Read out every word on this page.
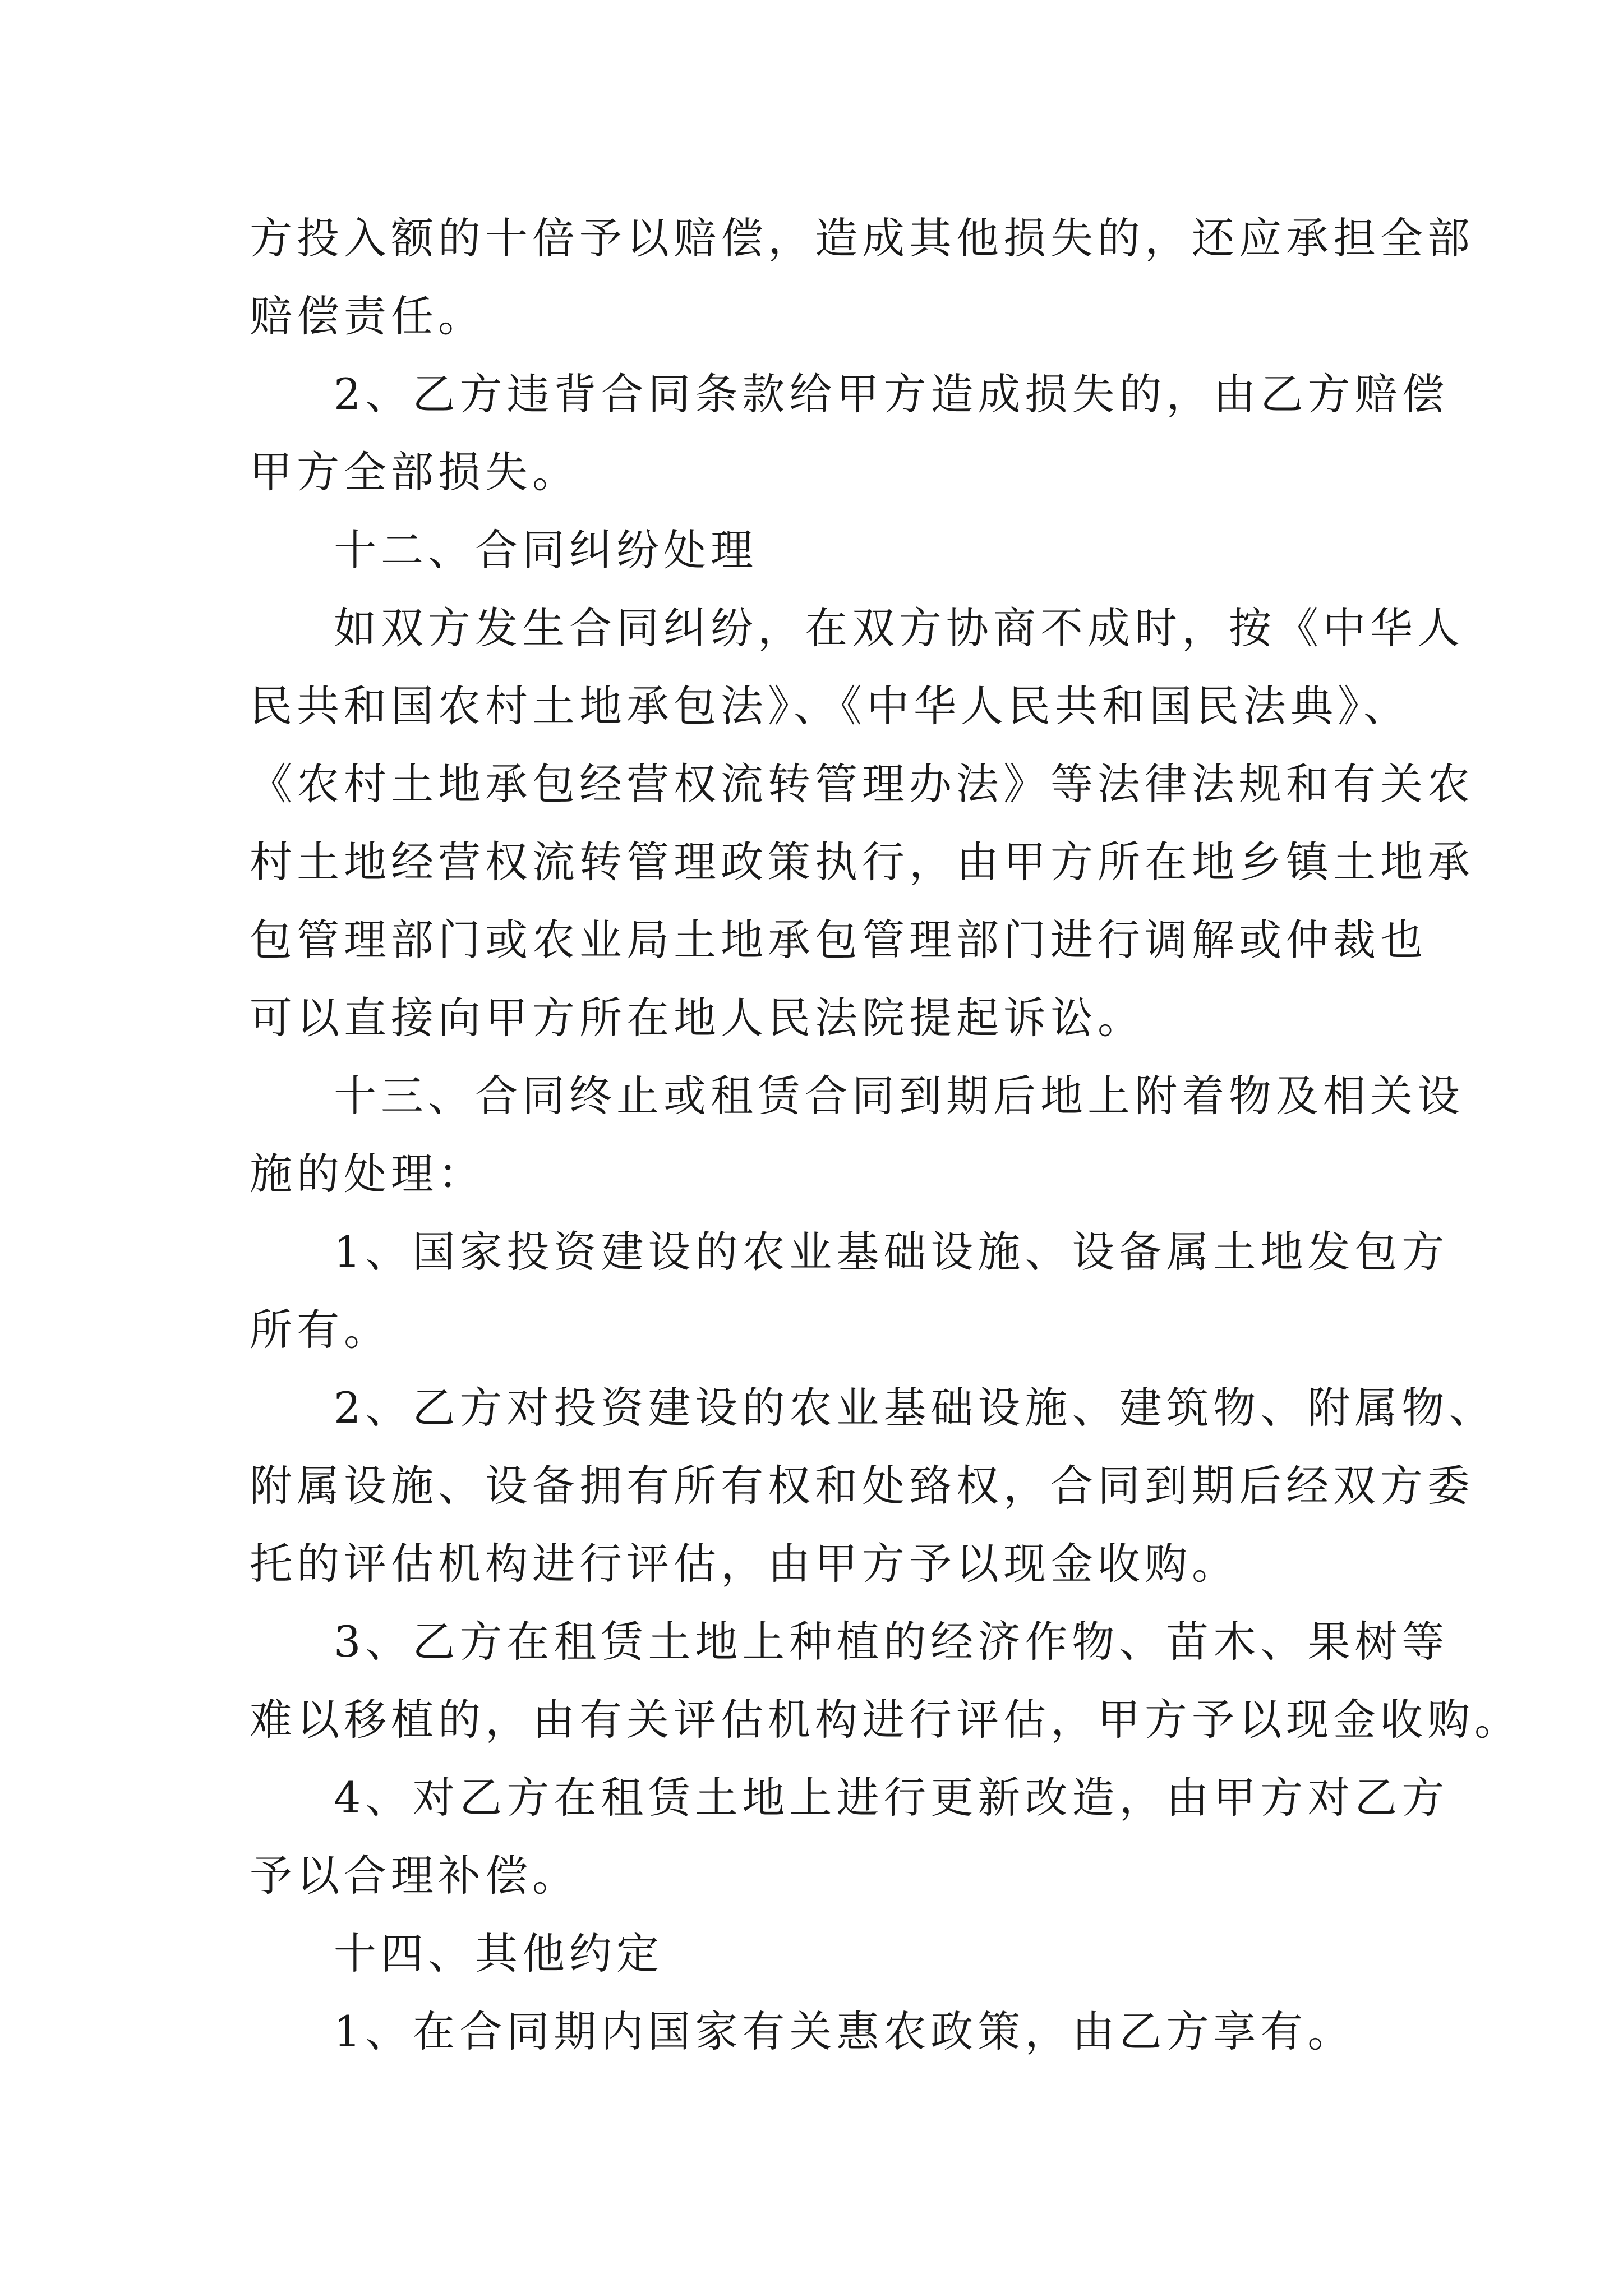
方投入额的十倍予以赔偿，造成其他损失的，还应承担全部
赔偿责任。
2、乙方违背合同条款给甲方造成损失的，由乙方赔偿
甲方全部损失。
十二、合同纠纷处理
如双方发生合同纠纷，在双方协商不成时，按《中华人
民共和国农村土地承包法》、《中华人民共和国民法典》、
《农村土地承包经营权流转管理办法》等法律法规和有关农
村土地经营权流转管理政策执行，由甲方所在地乡镇土地承
包管理部门或农业局土地承包管理部门进行调解或仲裁也
可以直接向甲方所在地人民法院提起诉讼。
十三、合同终止或租赁合同到期后地上附着物及相关设
施的处理：
1、国家投资建设的农业基础设施、设备属土地发包方
所有。
2、乙方对投资建设的农业基础设施、建筑物、附属物、
附属设施、设备拥有所有权和处臵权，合同到期后经双方委
托的评估机构进行评估，由甲方予以现金收购。
3、乙方在租赁土地上种植的经济作物、苗木、果树等
难以移植的，由有关评估机构进行评估，甲方予以现金收购。
4、对乙方在租赁土地上进行更新改造，由甲方对乙方
予以合理补偿。
十四、其他约定
1、在合同期内国家有关惠农政策，由乙方享有。
